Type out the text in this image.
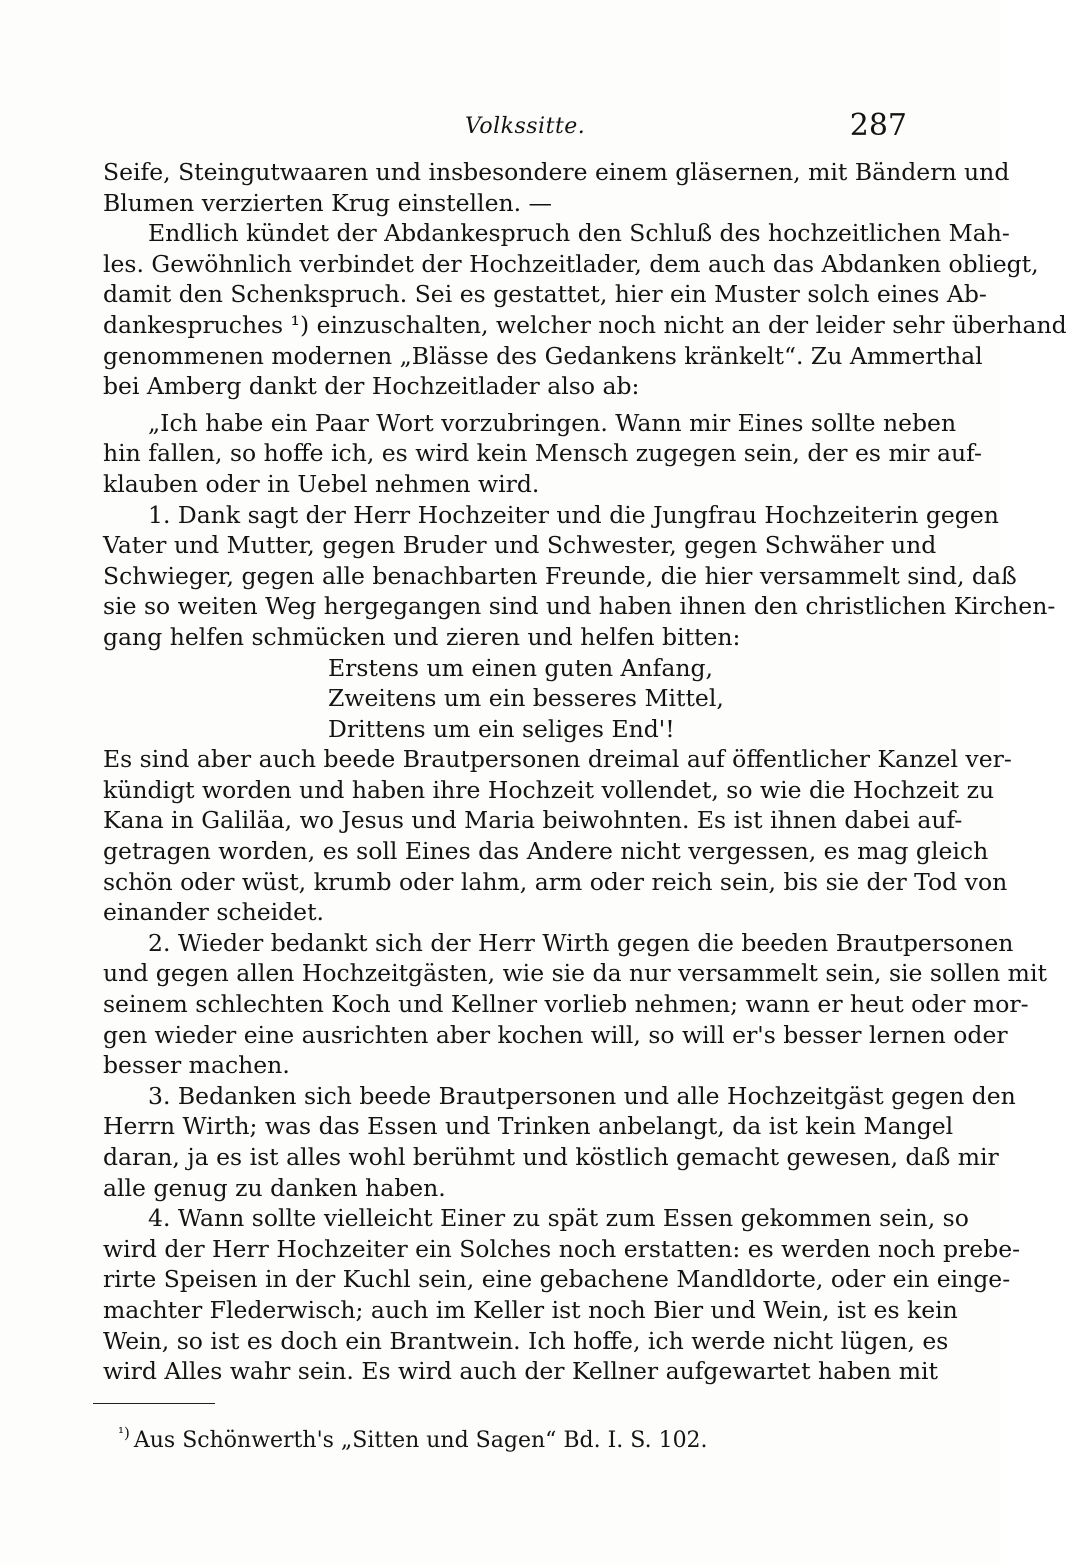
Volkssitte.	287
Seife, Steingutwaaren und insbesondere einem gläsernen, mit Bändern und
Blumen verzierten Krug einstellen. —
Endlich kündet der Abdankespruch den Schluß des hochzeitlichen Mah-
les. Gewöhnlich verbindet der Hochzeitlader, dem auch das Abdanken obliegt,
damit den Schenkspruch. Sei es gestattet, hier ein Muster solch eines Ab-
dankespruches ¹) einzuschalten, welcher noch nicht an der leider sehr überhand
genommenen modernen „Blässe des Gedankens kränkelt“. Zu Ammerthal
bei Amberg dankt der Hochzeitlader also ab:
„Ich habe ein Paar Wort vorzubringen. Wann mir Eines sollte neben
hin fallen, so hoffe ich, es wird kein Mensch zugegen sein, der es mir auf-
klauben oder in Uebel nehmen wird.
1. Dank sagt der Herr Hochzeiter und die Jungfrau Hochzeiterin gegen
Vater und Mutter, gegen Bruder und Schwester, gegen Schwäher und
Schwieger, gegen alle benachbarten Freunde, die hier versammelt sind, daß
sie so weiten Weg hergegangen sind und haben ihnen den christlichen Kirchen-
gang helfen schmücken und zieren und helfen bitten:
Erstens um einen guten Anfang,
Zweitens um ein besseres Mittel,
Drittens um ein seliges End'!
Es sind aber auch beede Brautpersonen dreimal auf öffentlicher Kanzel ver-
kündigt worden und haben ihre Hochzeit vollendet, so wie die Hochzeit zu
Kana in Galiläa, wo Jesus und Maria beiwohnten. Es ist ihnen dabei auf-
getragen worden, es soll Eines das Andere nicht vergessen, es mag gleich
schön oder wüst, krumb oder lahm, arm oder reich sein, bis sie der Tod von
einander scheidet.
2. Wieder bedankt sich der Herr Wirth gegen die beeden Brautpersonen
und gegen allen Hochzeitgästen, wie sie da nur versammelt sein, sie sollen mit
seinem schlechten Koch und Kellner vorlieb nehmen; wann er heut oder mor-
gen wieder eine ausrichten aber kochen will, so will er's besser lernen oder
besser machen.
3. Bedanken sich beede Brautpersonen und alle Hochzeitgäst gegen den
Herrn Wirth; was das Essen und Trinken anbelangt, da ist kein Mangel
daran, ja es ist alles wohl berühmt und köstlich gemacht gewesen, daß mir
alle genug zu danken haben.
4. Wann sollte vielleicht Einer zu spät zum Essen gekommen sein, so
wird der Herr Hochzeiter ein Solches noch erstatten: es werden noch prebe-
rirte Speisen in der Kuchl sein, eine gebachene Mandldorte, oder ein einge-
machter Flederwisch; auch im Keller ist noch Bier und Wein, ist es kein
Wein, so ist es doch ein Brantwein. Ich hoffe, ich werde nicht lügen, es
wird Alles wahr sein. Es wird auch der Kellner aufgewartet haben mit
$^{^1)}$ Aus Schönwerth's „Sitten und Sagen“ Bd. I. S. 102.
